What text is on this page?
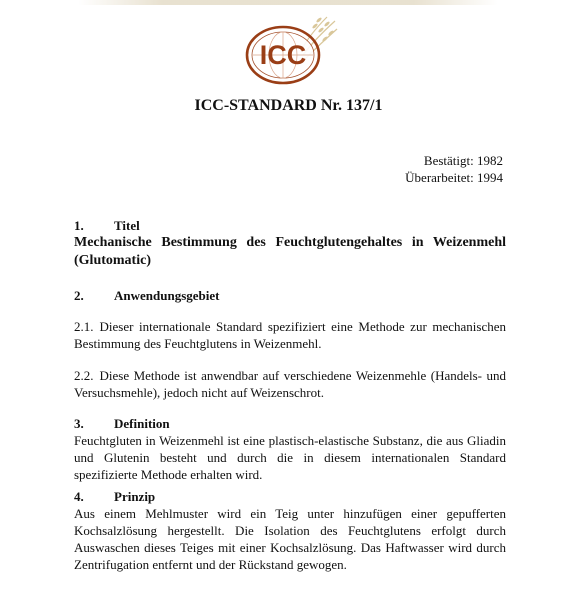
ICC
ICC-STANDARD Nr. 137/1
Bestätigt: 1982
Überarbeitet: 1994
1. Titel
Mechanische Bestimmung des Feuchtglutengehaltes in Weizenmehl (Glutomatic)
2. Anwendungsgebiet
2.1. Dieser internationale Standard spezifiziert eine Methode zur mechanischen Bestimmung des Feuchtglutens in Weizenmehl.
2.2. Diese Methode ist anwendbar auf verschiedene Weizenmehle (Handels- und Versuchsmehle), jedoch nicht auf Weizenschrot.
3. Definition
Feuchtgluten in Weizenmehl ist eine plastisch-elastische Substanz, die aus Gliadin und Glutenin besteht und durch die in diesem internationalen Standard spezifizierte Methode erhalten wird.
4. Prinzip
Aus einem Mehlmuster wird ein Teig unter hinzufügen einer gepufferten Kochsalzlösung hergestellt. Die Isolation des Feuchtglutens erfolgt durch Auswaschen dieses Teiges mit einer Kochsalzlösung. Das Haftwasser wird durch Zentrifugation entfernt und der Rückstand gewogen.
